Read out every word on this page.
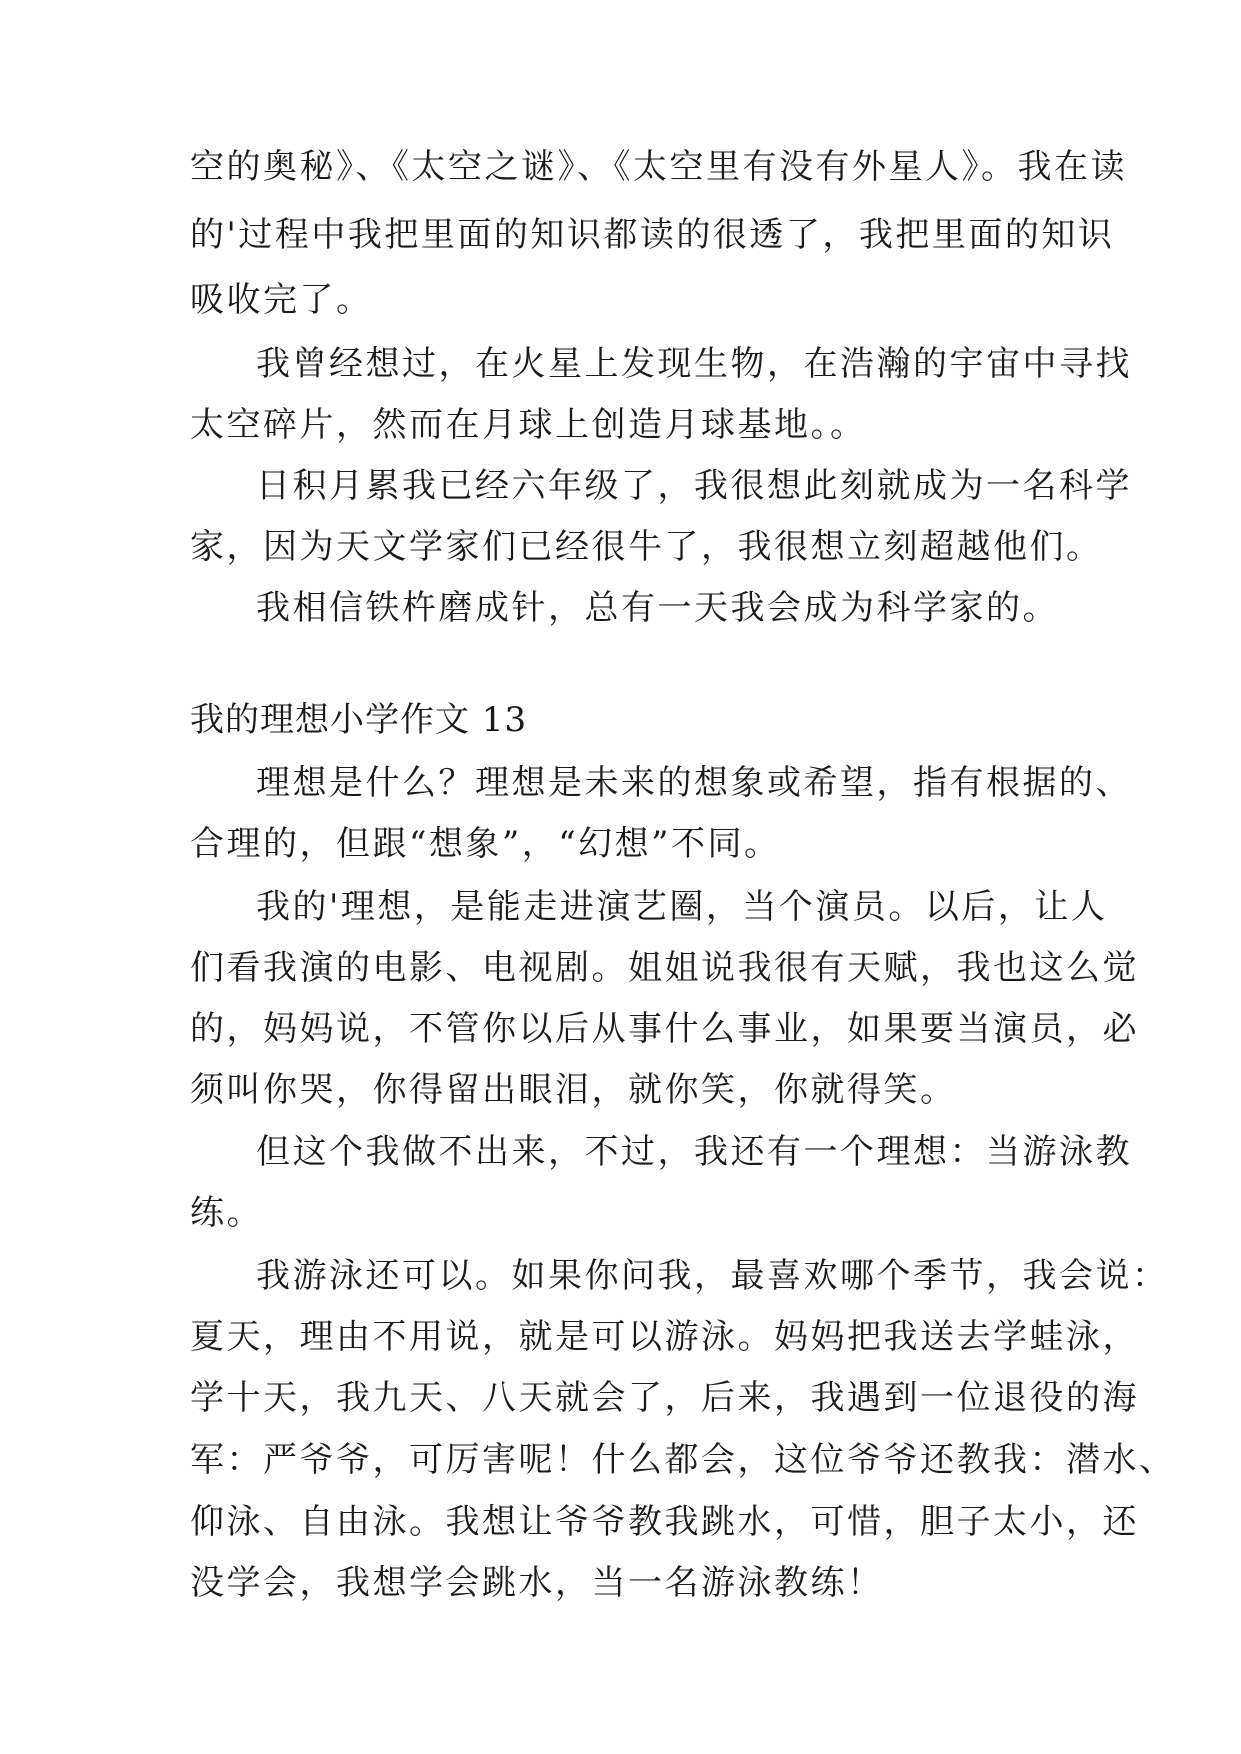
空的奥秘》、《太空之谜》、《太空里有没有外星人》。我在读

的'过程中我把里面的知识都读的很透了，我把里面的知识

吸收完了。

我曾经想过，在火星上发现生物，在浩瀚的宇宙中寻找

太空碎片，然而在月球上创造月球基地。。

日积月累我已经六年级了，我很想此刻就成为一名科学

家，因为天文学家们已经很牛了，我很想立刻超越他们。

我相信铁杵磨成针，总有一天我会成为科学家的。

我的理想小学作文 13

理想是什么？理想是未来的想象或希望，指有根据的、

合理的，但跟“想象”，“幻想”不同。

我的'理想，是能走进演艺圈，当个演员。以后，让人

们看我演的电影、电视剧。姐姐说我很有天赋，我也这么觉

的，妈妈说，不管你以后从事什么事业，如果要当演员，必

须叫你哭，你得留出眼泪，就你笑，你就得笑。

但这个我做不出来，不过，我还有一个理想：当游泳教

练。

我游泳还可以。如果你问我，最喜欢哪个季节，我会说：

夏天，理由不用说，就是可以游泳。妈妈把我送去学蛙泳，

学十天，我九天、八天就会了，后来，我遇到一位退役的海

军：严爷爷，可厉害呢！什么都会，这位爷爷还教我：潜水、

仰泳、自由泳。我想让爷爷教我跳水，可惜，胆子太小，还

没学会，我想学会跳水，当一名游泳教练！
